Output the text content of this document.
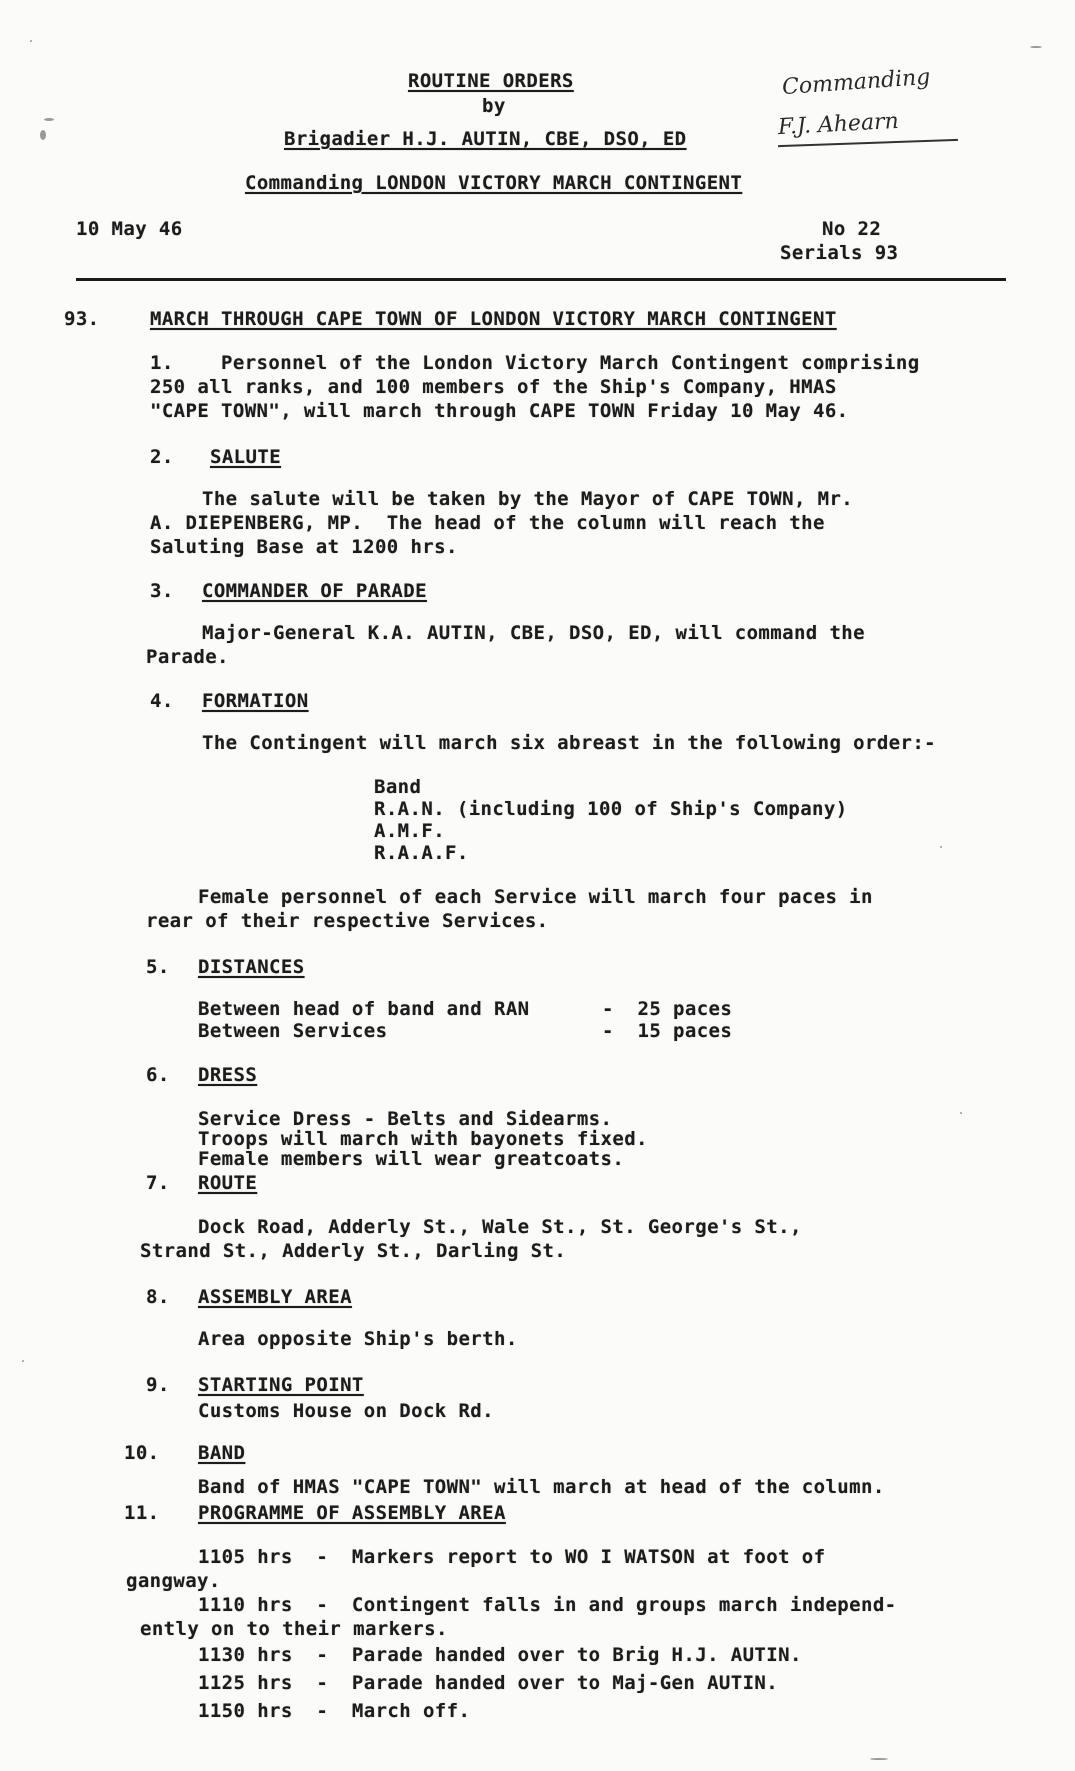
ROUTINE ORDERS
by
Brigadier H.J. AUTIN, CBE, DSO, ED
Commanding LONDON VICTORY MARCH CONTINGENT
Commanding
F.J. Ahearn
10 May 46	No 22
Serials 93
93.	MARCH THROUGH CAPE TOWN OF LONDON VICTORY MARCH CONTINGENT
1.    Personnel of the London Victory March Contingent comprising
250 all ranks, and 100 members of the Ship's Company, HMAS
"CAPE TOWN", will march through CAPE TOWN Friday 10 May 46.
2. SALUTE
The salute will be taken by the Mayor of CAPE TOWN, Mr.
A. DIEPENBERG, MP.  The head of the column will reach the
Saluting Base at 1200 hrs.
3. COMMANDER OF PARADE
Major-General K.A. AUTIN, CBE, DSO, ED, will command the
Parade.
4. FORMATION
The Contingent will march six abreast in the following order:-
Band
R.A.N. (including 100 of Ship's Company)
A.M.F.
R.A.A.F.
Female personnel of each Service will march four paces in
rear of their respective Services.
5. DISTANCES
Between head of band and RAN	-  25 paces
Between Services	-  15 paces
6. DRESS
Service Dress - Belts and Sidearms.
Troops will march with bayonets fixed.
Female members will wear greatcoats.
7. ROUTE
Dock Road, Adderly St., Wale St., St. George's St.,
Strand St., Adderly St., Darling St.
8. ASSEMBLY AREA
Area opposite Ship's berth.
9. STARTING POINT
Customs House on Dock Rd.
10. BAND
Band of HMAS "CAPE TOWN" will march at head of the column.
11. PROGRAMME OF ASSEMBLY AREA
1105 hrs  -  Markers report to WO I WATSON at foot of
gangway.
1110 hrs  -  Contingent falls in and groups march independ-
ently on to their markers.
1130 hrs  -  Parade handed over to Brig H.J. AUTIN.
1125 hrs  -  Parade handed over to Maj-Gen AUTIN.
1150 hrs  -  March off.
